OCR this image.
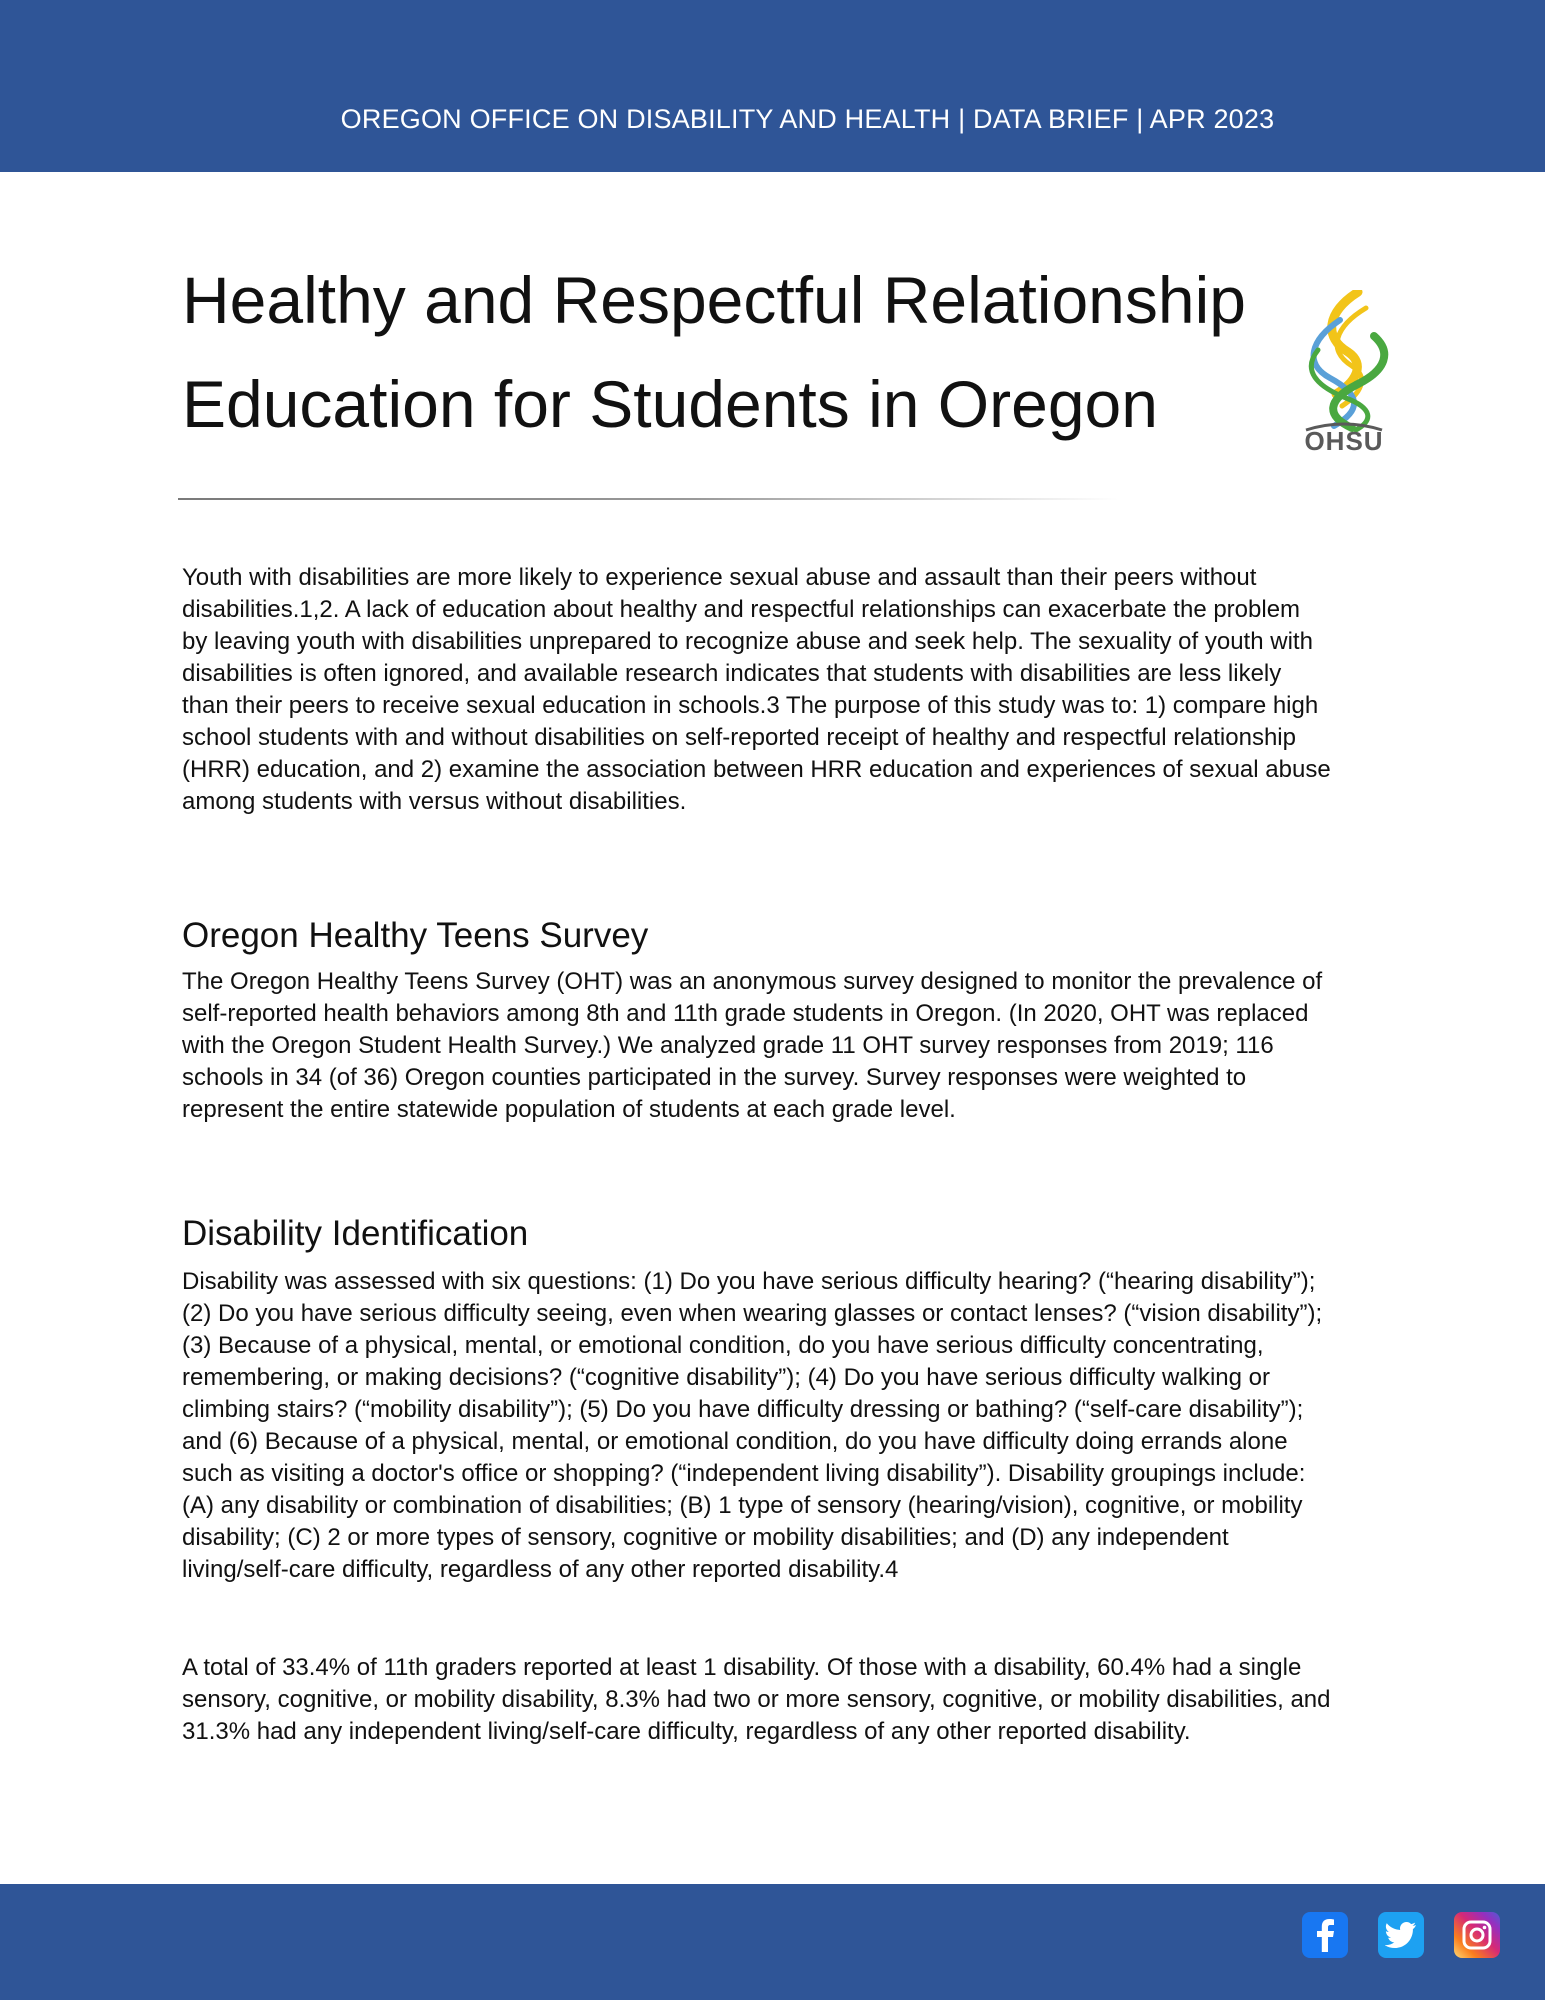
OREGON OFFICE ON DISABILITY AND HEALTH | DATA BRIEF | APR 2023
Healthy and Respectful Relationship
Education for Students in Oregon	OHSU

Youth with disabilities are more likely to experience sexual abuse and assault than their peers without disabilities.1,2. A lack of education about healthy and respectful relationships can exacerbate the problem by leaving youth with disabilities unprepared to recognize abuse and seek help. The sexuality of youth with disabilities is often ignored, and available research indicates that students with disabilities are less likely than their peers to receive sexual education in schools.3 The purpose of this study was to: 1) compare high school students with and without disabilities on self-reported receipt of healthy and respectful relationship (HRR) education, and 2) examine the association between HRR education and experiences of sexual abuse among students with versus without disabilities.

Oregon Healthy Teens Survey

The Oregon Healthy Teens Survey (OHT) was an anonymous survey designed to monitor the prevalence of self-reported health behaviors among 8th and 11th grade students in Oregon. (In 2020, OHT was replaced with the Oregon Student Health Survey.) We analyzed grade 11 OHT survey responses from 2019; 116 schools in 34 (of 36) Oregon counties participated in the survey. Survey responses were weighted to represent the entire statewide population of students at each grade level.

Disability Identification

Disability was assessed with six questions: (1) Do you have serious difficulty hearing? (“hearing disability”); (2) Do you have serious difficulty seeing, even when wearing glasses or contact lenses? (“vision disability”); (3) Because of a physical, mental, or emotional condition, do you have serious difficulty concentrating, remembering, or making decisions? (“cognitive disability”); (4) Do you have serious difficulty walking or climbing stairs? (“mobility disability”); (5) Do you have difficulty dressing or bathing? (“self-care disability”); and (6) Because of a physical, mental, or emotional condition, do you have difficulty doing errands alone such as visiting a doctor's office or shopping? (“independent living disability”). Disability groupings include: (A) any disability or combination of disabilities; (B) 1 type of sensory (hearing/vision), cognitive, or mobility disability; (C) 2 or more types of sensory, cognitive or mobility disabilities; and (D) any independent living/self-care difficulty, regardless of any other reported disability.4

A total of 33.4% of 11th graders reported at least 1 disability. Of those with a disability, 60.4% had a single sensory, cognitive, or mobility disability, 8.3% had two or more sensory, cognitive, or mobility disabilities, and 31.3% had any independent living/self-care difficulty, regardless of any other reported disability.
